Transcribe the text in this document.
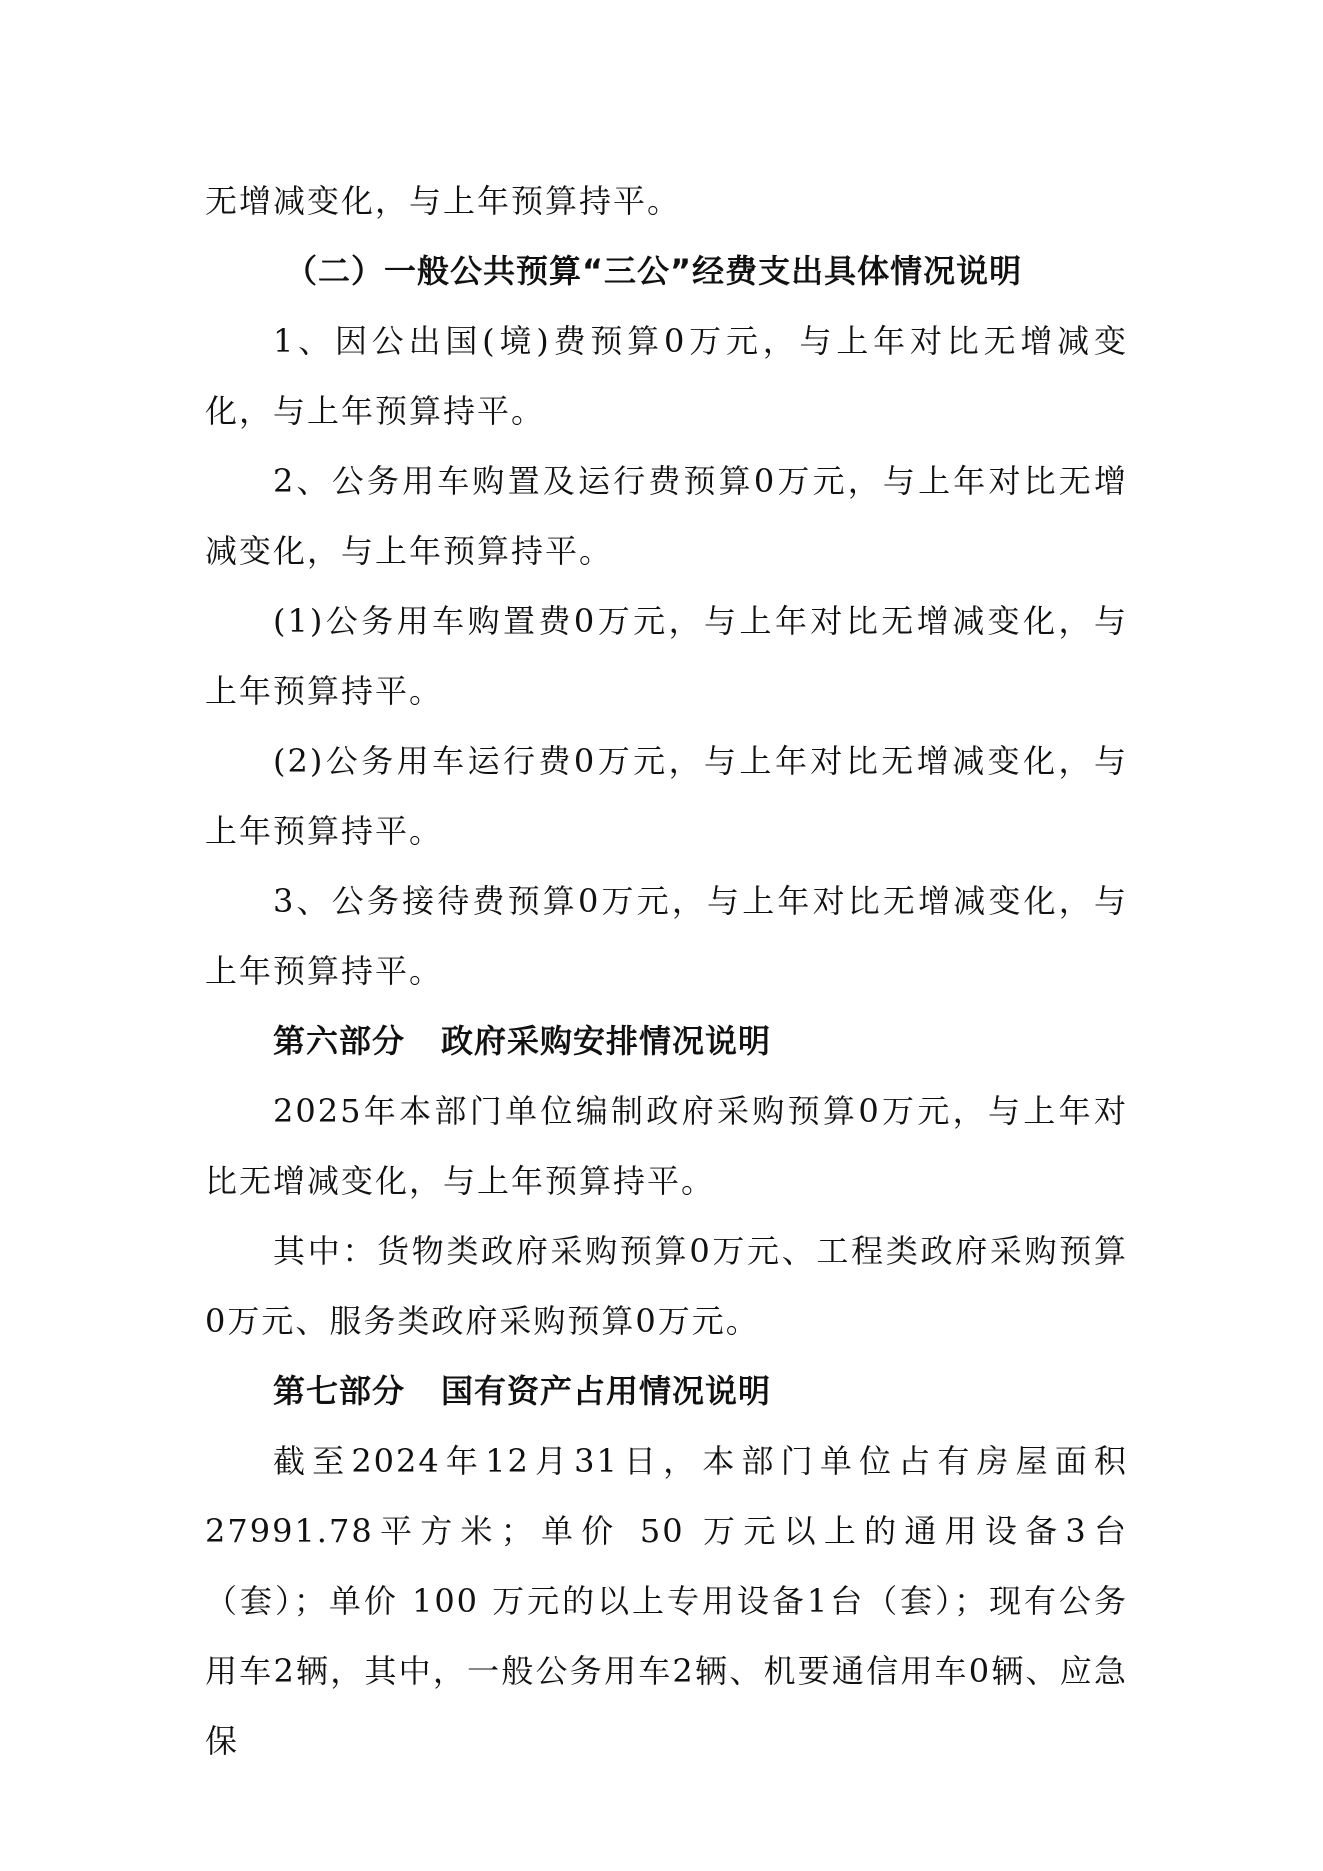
无增减变化，与上年预算持平。

（二）一般公共预算“三公”经费支出具体情况说明

1、因公出国(境)费预算0万元，与上年对比无增减变化，与上年预算持平。

2、公务用车购置及运行费预算0万元，与上年对比无增减变化，与上年预算持平。

(1)公务用车购置费0万元，与上年对比无增减变化，与上年预算持平。

(2)公务用车运行费0万元，与上年对比无增减变化，与上年预算持平。

3、公务接待费预算0万元，与上年对比无增减变化，与上年预算持平。

第六部分 政府采购安排情况说明

2025年本部门单位编制政府采购预算0万元，与上年对比无增减变化，与上年预算持平。

其中：货物类政府采购预算0万元、工程类政府采购预算0万元、服务类政府采购预算0万元。

第七部分 国有资产占用情况说明

截至2024年12月31日，本部门单位占有房屋面积27991.78平方米；单价 50 万元以上的通用设备3台（套）；单价 100 万元的以上专用设备1台（套）；现有公务用车2辆，其中，一般公务用车2辆、机要通信用车0辆、应急保
